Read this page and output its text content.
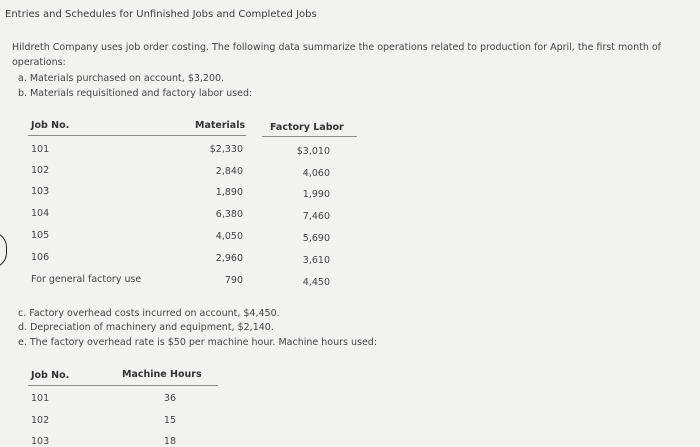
Entries and Schedules for Unfinished Jobs and Completed Jobs
Hildreth Company uses job order costing. The following data summarize the operations related to production for April, the first month of operations:
a. Materials purchased on account, $3,200.
b. Materials requisitioned and factory labor used:
Job No.	Materials	Factory Labor
101	$2,330	$3,010
102	2,840	4,060
103	1,890	1,990
104	6,380	7,460
105	4,050	5,690
106	2,960	3,610
For general factory use	790	4,450
c. Factory overhead costs incurred on account, $4,450.
d. Depreciation of machinery and equipment, $2,140.
e. The factory overhead rate is $50 per machine hour. Machine hours used:
Job No.	Machine Hours
101	36
102	15
103	18
